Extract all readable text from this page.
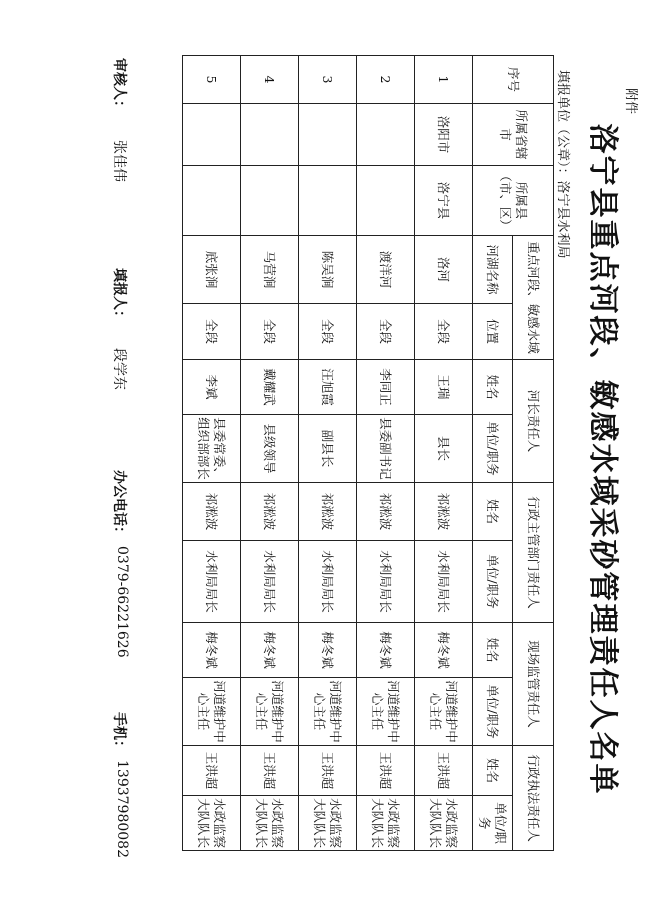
附件
洛宁县重点河段、敏感水域采砂管理责任人名单
填报单位（公章）：洛宁县水利局
序号	所属省辖市	所属县（市、区）	重点河段、敏感水域		河长责任人		行政主管部门责任人		现场监管责任人		行政执法责任人	
			河湖名称	位置	姓名	单位/职务	姓名	单位/职务	姓名	单位/职务	姓名	单位/职务
1	洛阳市	洛宁县	洛河	全段	王瑞	县长	祁淞波	水利局局长	梅冬斌	河道维护中心主任	王洪超	水政监察大队队长
2			渡洋河	全段	李同正	县委副书记	祁淞波	水利局局长	梅冬斌	河道维护中心主任	王洪超	水政监察大队队长
3			陈吴涧	全段	汪旭霞	副县长	祁淞波	水利局局长	梅冬斌	河道维护中心主任	王洪超	水政监察大队队长
4			马营涧	全段	戴耀武	县级领导	祁淞波	水利局局长	梅冬斌	河道维护中心主任	王洪超	水政监察大队队长
5			底张涧	全段	李斌	县委常委、组织部部长	祁淞波	水利局局长	梅冬斌	河道维护中心主任	王洪超	水政监察大队队长
审核人：
张佳伟
填报人：
段学东
办公电话：
0379-66221626
手机：
13937980082
